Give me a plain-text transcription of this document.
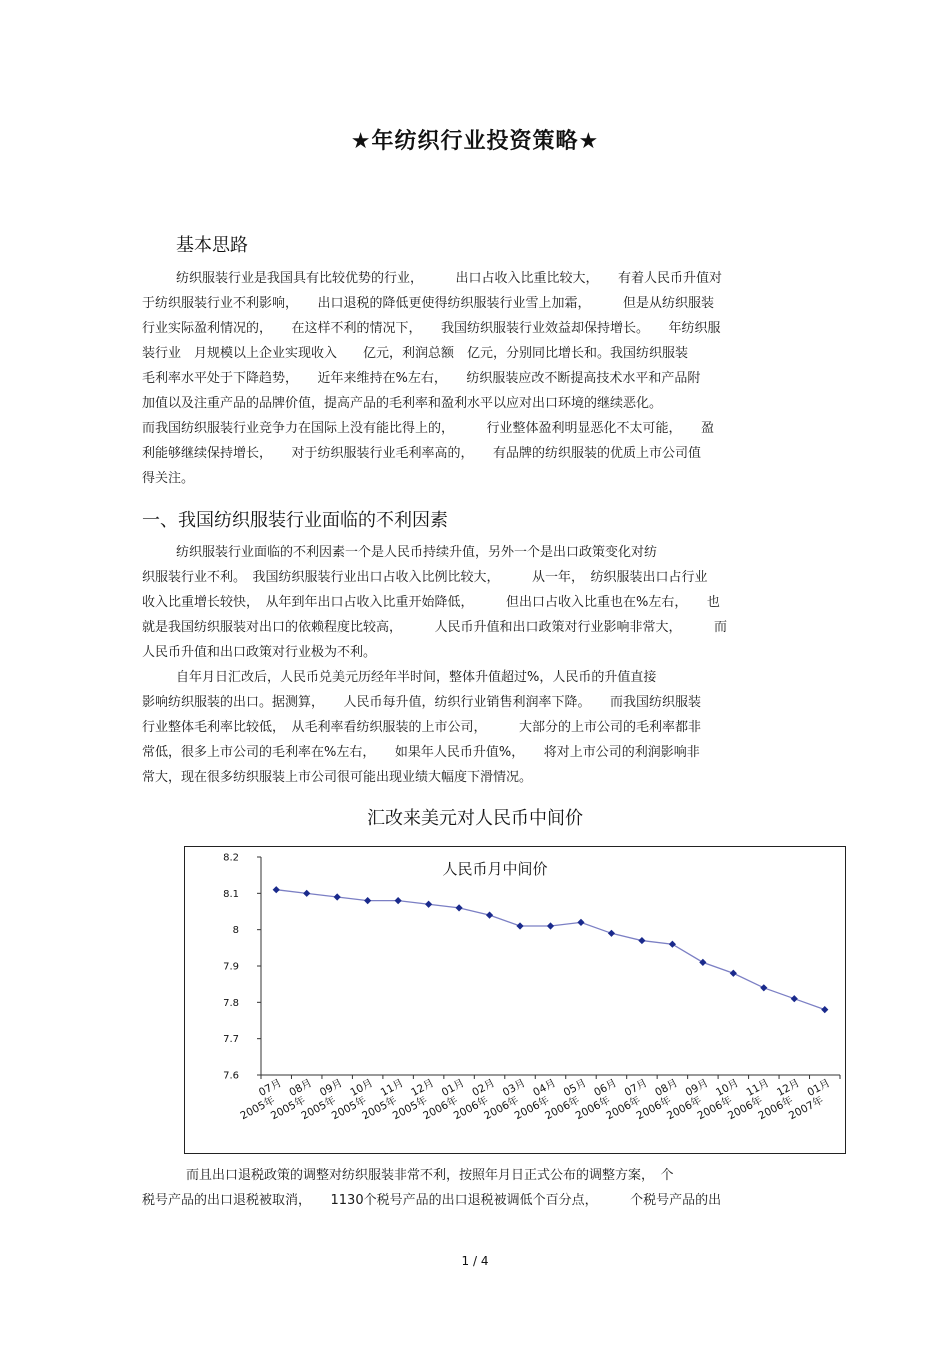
★年纺织行业投资策略★
基本思路
纺织服装行业是我国具有比较优势的行业，　　　出口占收入比重比较大，　　有着人民币升值对
于纺织服装行业不利影响，　　出口退税的降低更使得纺织服装行业雪上加霜，　　　但是从纺织服装
行业实际盈利情况的，　　在这样不利的情况下，　　我国纺织服装行业效益却保持增长。　　年纺织服
装行业　月规模以上企业实现收入　　亿元，利润总额　亿元，分别同比增长和。我国纺织服装
毛利率水平处于下降趋势，　　近年来维持在%左右，　　纺织服装应改不断提高技术水平和产品附
加值以及注重产品的品牌价值，提高产品的毛利率和盈利水平以应对出口环境的继续恶化。
而我国纺织服装行业竞争力在国际上没有能比得上的，　　　行业整体盈利明显恶化不太可能，　　盈
利能够继续保持增长，　　对于纺织服装行业毛利率高的，　　有品牌的纺织服装的优质上市公司值
得关注。
一、我国纺织服装行业面临的不利因素
纺织服装行业面临的不利因素一个是人民币持续升值，另外一个是出口政策变化对纺
织服装行业不利。　我国纺织服装行业出口占收入比例比较大，　　　从一年，　纺织服装出口占行业
收入比重增长较快，　从年到年出口占收入比重开始降低，　　　但出口占收入比重也在%左右，　　也
就是我国纺织服装对出口的依赖程度比较高，　　　人民币升值和出口政策对行业影响非常大，　　　而
人民币升值和出口政策对行业极为不利。
自年月日汇改后，人民币兑美元历经年半时间，整体升值超过%，人民币的升值直接
影响纺织服装的出口。据测算，　　人民币每升值，纺织行业销售利润率下降。　　而我国纺织服装
行业整体毛利率比较低，　从毛利率看纺织服装的上市公司，　　　大部分的上市公司的毛利率都非
常低，很多上市公司的毛利率在%左右，　　如果年人民币升值%，　　将对上市公司的利润影响非
常大，现在很多纺织服装上市公司很可能出现业绩大幅度下滑情况。
汇改来美元对人民币中间价
人民币月中间价
8.2
8.1
8
7.9
7.8
7.7
7.6
07月2005年
08月2005年
09月2005年
10月2005年
11月2005年
12月2005年
01月2006年
02月2006年
03月2006年
04月2006年
05月2006年
06月2006年
07月2006年
08月2006年
09月2006年
10月2006年
11月2006年
12月2006年
01月2007年
而且出口退税政策的调整对纺织服装非常不利，按照年月日正式公布的调整方案，　个
税号产品的出口退税被取消，　　1130个税号产品的出口退税被调低个百分点，　　　个税号产品的出
1 / 4
